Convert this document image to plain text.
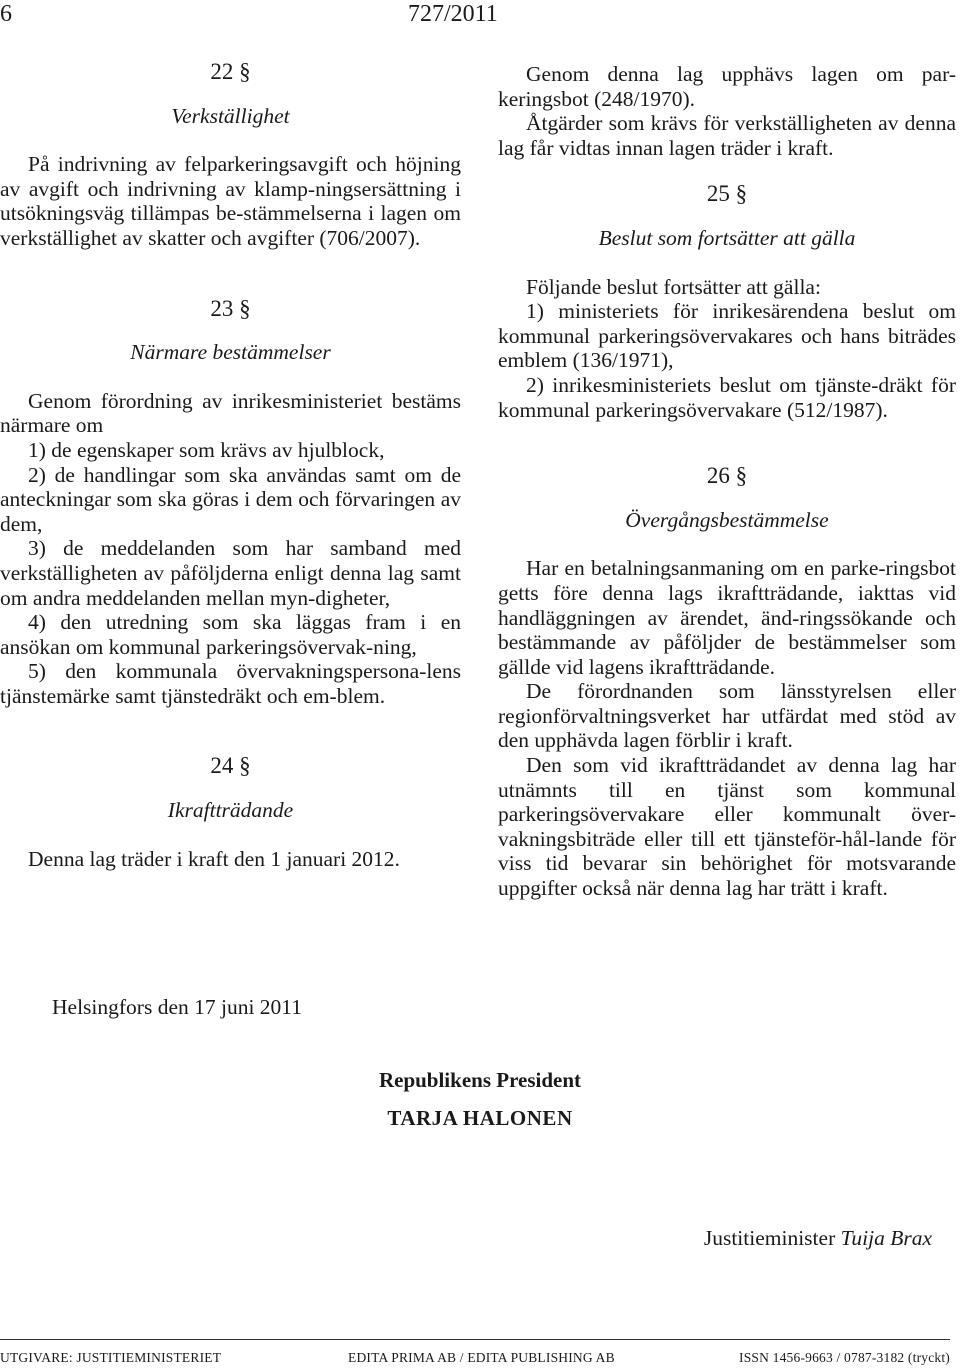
6	727/2011

22 §

Verkställighet

På indrivning av felparkeringsavgift och höjning av avgift och indrivning av klamp-ningsersättning i utsökningsväg tillämpas be-stämmelserna i lagen om verkställighet av skatter och avgifter (706/2007).

23 §

Närmare bestämmelser

Genom förordning av inrikesministeriet bestäms närmare om

1) de egenskaper som krävs av hjulblock,

2) de handlingar som ska användas samt om de anteckningar som ska göras i dem och förvaringen av dem,

3) de meddelanden som har samband med verkställigheten av påföljderna enligt denna lag samt om andra meddelanden mellan myn-digheter,

4) den utredning som ska läggas fram i en ansökan om kommunal parkeringsövervak-ning,

5) den kommunala övervakningspersona-lens tjänstemärke samt tjänstedräkt och em-blem.

24 §

Ikraftträdande

Denna lag träder i kraft den 1 januari 2012.

Genom denna lag upphävs lagen om par-keringsbot (248/1970).

Åtgärder som krävs för verkställigheten av denna lag får vidtas innan lagen träder i kraft.

25 §

Beslut som fortsätter att gälla

Följande beslut fortsätter att gälla:

1) ministeriets för inrikesärendena beslut om kommunal parkeringsövervakares och hans biträdes emblem (136/1971),

2) inrikesministeriets beslut om tjänste-dräkt för kommunal parkeringsövervakare (512/1987).

26 §

Övergångsbestämmelse

Har en betalningsanmaning om en parke-ringsbot getts före denna lags ikraftträdande, iakttas vid handläggningen av ärendet, änd-ringssökande och bestämmande av påföljder de bestämmelser som gällde vid lagens ikraftträdande.

De förordnanden som länsstyrelsen eller regionförvaltningsverket har utfärdat med stöd av den upphävda lagen förblir i kraft.

Den som vid ikraftträdandet av denna lag har utnämnts till en tjänst som kommunal parkeringsövervakare eller kommunalt över-vakningsbiträde eller till ett tjänsteför-hål-lande för viss tid bevarar sin behörighet för motsvarande uppgifter också när denna lag har trätt i kraft.

Helsingfors den 17 juni 2011
Republikens President
TARJA HALONEN
Justitieminister Tuija Brax
UTGIVARE: JUSTITIEMINISTERIET	EDITA PRIMA AB / EDITA PUBLISHING AB	ISSN 1456-9663 / 0787-3182 (tryckt)
